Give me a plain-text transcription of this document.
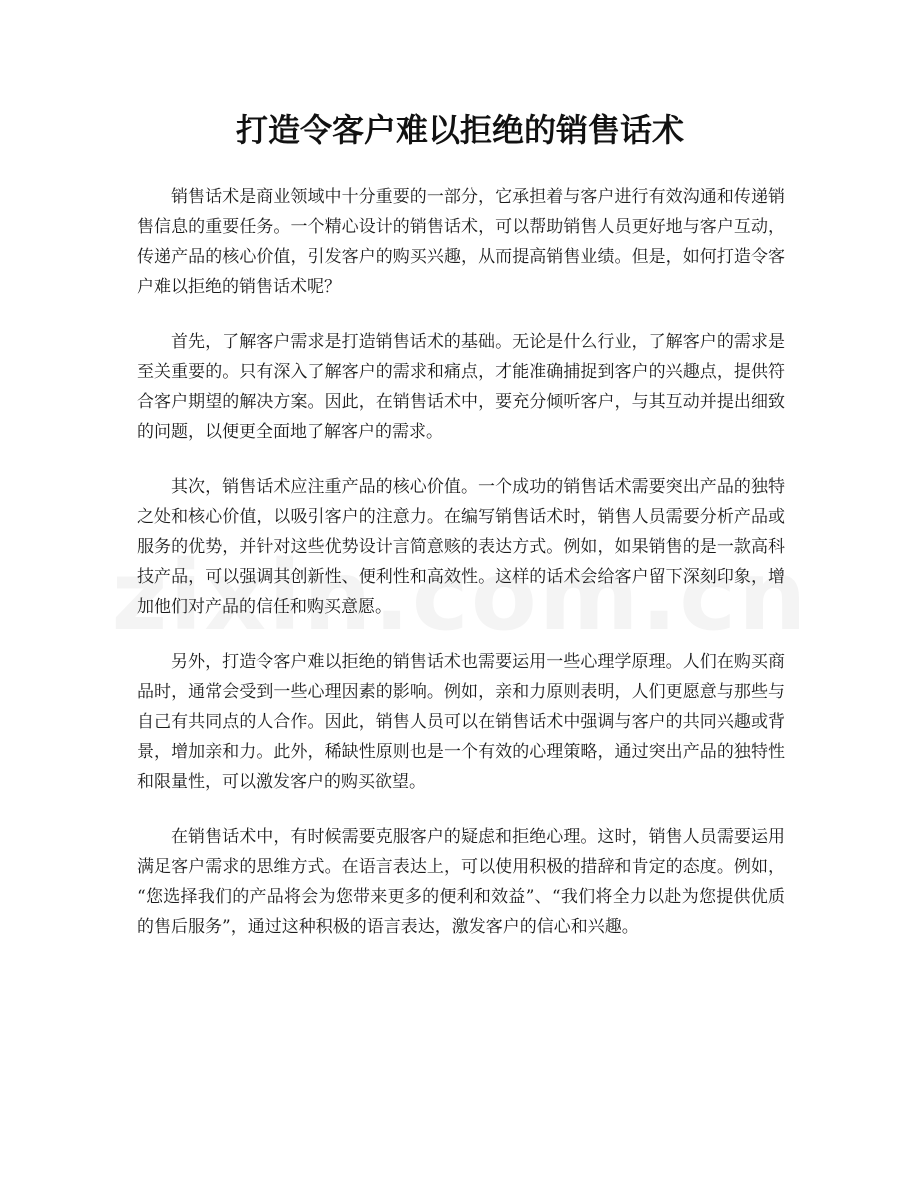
打造令客户难以拒绝的销售话术

销售话术是商业领域中十分重要的一部分，它承担着与客户进行有效沟通和传递销售信息的重要任务。一个精心设计的销售话术，可以帮助销售人员更好地与客户互动，传递产品的核心价值，引发客户的购买兴趣，从而提高销售业绩。但是，如何打造令客户难以拒绝的销售话术呢？

首先，了解客户需求是打造销售话术的基础。无论是什么行业，了解客户的需求是至关重要的。只有深入了解客户的需求和痛点，才能准确捕捉到客户的兴趣点，提供符合客户期望的解决方案。因此，在销售话术中，要充分倾听客户，与其互动并提出细致的问题，以便更全面地了解客户的需求。

其次，销售话术应注重产品的核心价值。一个成功的销售话术需要突出产品的独特之处和核心价值，以吸引客户的注意力。在编写销售话术时，销售人员需要分析产品或服务的优势，并针对这些优势设计言简意赅的表达方式。例如，如果销售的是一款高科技产品，可以强调其创新性、便利性和高效性。这样的话术会给客户留下深刻印象，增加他们对产品的信任和购买意愿。

另外，打造令客户难以拒绝的销售话术也需要运用一些心理学原理。人们在购买商品时，通常会受到一些心理因素的影响。例如，亲和力原则表明，人们更愿意与那些与自己有共同点的人合作。因此，销售人员可以在销售话术中强调与客户的共同兴趣或背景，增加亲和力。此外，稀缺性原则也是一个有效的心理策略，通过突出产品的独特性和限量性，可以激发客户的购买欲望。

在销售话术中，有时候需要克服客户的疑虑和拒绝心理。这时，销售人员需要运用满足客户需求的思维方式。在语言表达上，可以使用积极的措辞和肯定的态度。例如，“您选择我们的产品将会为您带来更多的便利和效益”、“我们将全力以赴为您提供优质的售后服务”，通过这种积极的语言表达，激发客户的信心和兴趣。
